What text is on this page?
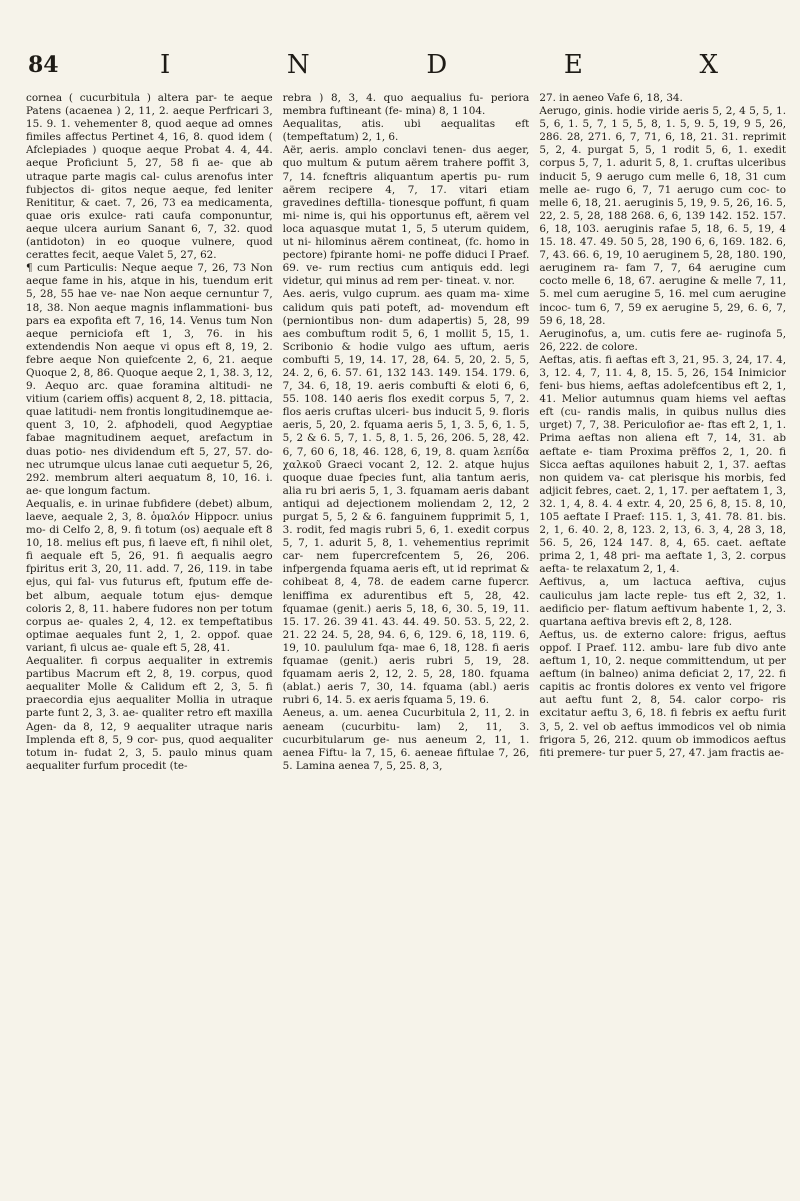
84	I	N	D	E	X

cornea ( cucurbitula ) altera par- te aeque Patens (acaenea ) 2, 11, 2. aeque Perfricari 3, 15. 9. 1. vehementer 8, quod aeque ad omnes fimiles affectus Pertinet 4, 16, 8. quod idem ( Afclepiades ) quoque aeque Probat 4. 4, 44. aeque Proficiunt 5, 27, 58 fi ae- que ab utraque parte magis cal- culus arenofus inter fubjectos di- gitos neque aeque, fed leniter Renititur, & caet. 7, 26, 73 ea medicamenta, quae oris exulce- rati caufa componuntur, aeque ulcera aurium Sanant 6, 7, 32. quod (antidoton) in eo quoque vulnere, quod cerattes fecit, aeque Valet 5, 27, 62.

¶ cum Particulis: Neque aeque 7, 26, 73 Non aeque fame in his, atque in his, tuendum erit 5, 28, 55 hae ve- nae Non aeque cernuntur 7, 18, 38. Non aeque magnis inflammationi- bus pars ea expofita eft 7, 16, 14. Venus tum Non aeque perniciofa eft 1, 3, 76. in his extendendis Non aeque vi opus eft 8, 19, 2. febre aeque Non quiefcente 2, 6, 21. aeque Quoque 2, 8, 86. Quoque aeque 2, 1, 38. 3, 12, 9. Aequo arc. quae foramina altitudi- ne vitium (cariem offis) acquent 8, 2, 18. pittacia, quae latitudi- nem frontis longitudinemque ae- quent 3, 10, 2. afphodeli, quod Aegyptiae fabae magnitudinem aequet, arefactum in duas potio- nes dividendum eft 5, 27, 57. do- nec utrumque ulcus lanae cuti aequetur 5, 26, 292. membrum alteri aequatum 8, 10, 16. i. ae- que longum factum.

Aequalis, e. in urinae fubfidere (debet) album, laeve, aequale 2, 3, 8. ὁμαλόν Hippocr. unius mo- di Celfo 2, 8, 9. fi totum (os) aequale eft 8 10, 18. melius eft pus, fi laeve eft, fi nihil olet, fi aequale eft 5, 26, 91. fi aequalis aegro fpiritus erit 3, 20, 11. add. 7, 26, 119. in tabe ejus, qui fal- vus futurus eft, fputum effe de- bet album, aequale totum ejus- demque coloris 2, 8, 11. habere fudores non per totum corpus ae- quales 2, 4, 12. ex tempeftatibus optimae aequales funt 2, 1, 2. oppof. quae variant, fi ulcus ae- quale eft 5, 28, 41.

Aequaliter. fi corpus aequaliter in extremis partibus Macrum eft 2, 8, 19. corpus, quod aequaliter Molle & Calidum eft 2, 3, 5. fi praecordia ejus aequaliter Mollia in utraque parte funt 2, 3, 3. ae- qualiter retro eft maxilla Agen- da 8, 12, 9 aequaliter utraque naris Implenda eft 8, 5, 9 cor- pus, quod aequaliter totum in- fudat 2, 3, 5. paulo minus quam aequaliter furfum procedit (te-

rebra ) 8, 3, 4. quo aequalius fu- periora membra fuftineant (fe- mina) 8, 1 104.

Aequalitas, atis. ubi aequalitas eft (tempeftatum) 2, 1, 6.

Aër, aeris. amplo conclavi tenen- dus aeger, quo multum & putum aërem trahere poffit 3, 7, 14. fcneftris aliquantum apertis pu- rum aërem recipere 4, 7, 17. vitari etiam gravedines deftilla- tionesque poffunt, fi quam mi- nime is, qui his opportunus eft, aërem vel loca aquasque mutat 1, 5, 5 uterum quidem, ut ni- hilominus aërem contineat, (fc. homo in pectore) fpirante homi- ne poffe diduci I Praef. 69. ve- rum rectius cum antiquis edd. legi videtur, qui minus ad rem per- tineat. v. nor.

Aes. aeris, vulgo cuprum. aes quam ma- xime calidum quis pati poteft, ad- movendum eft (perniontibus non- dum adapertis) 5, 28, 99 aes combuftum rodit 5, 6, 1 mollit 5, 15, 1. Scribonio & hodie vulgo aes uftum, aeris combufti 5, 19, 14. 17, 28, 64. 5, 20, 2. 5, 5, 24. 2, 6, 6. 57. 61, 132 143. 149. 154. 179. 6, 7, 34. 6, 18, 19. aeris combufti & eloti 6, 6, 55. 108. 140 aeris flos exedit corpus 5, 7, 2. flos aeris cruftas ulceri- bus inducit 5, 9. floris aeris, 5, 20, 2. fquama aeris 5, 1, 3. 5, 6, 1. 5, 5, 2 & 6. 5, 7, 1. 5, 8, 1. 5, 26, 206. 5, 28, 42. 6, 7, 60 6, 18, 46. 128, 6, 19, 8. quam λεπίδα χαλκοῦ Graeci vocant 2, 12. 2. atque hujus quoque duae fpecies funt, alia tantum aeris, alia ru bri aeris 5, 1, 3. fquamam aeris dabant antiqui ad dejectionem moliendam 2, 12, 2 purgat 5, 5, 2 & 6. fanguinem fupprimit 5, 1, 3. rodit, fed magis rubri 5, 6, 1. exedit corpus 5, 7, 1. adurit 5, 8, 1. vehementius reprimit car- nem fupercrefcentem 5, 26, 206. infpergenda fquama aeris eft, ut id reprimat & cohibeat 8, 4, 78. de eadem carne fupercr. leniffima ex adurentibus eft 5, 28, 42. fquamae (genit.) aeris 5, 18, 6, 30. 5, 19, 11. 15. 17. 26. 39 41. 43. 44. 49. 50. 53. 5, 22, 2. 21. 22 24. 5, 28, 94. 6, 6, 129. 6, 18, 119. 6, 19, 10. paululum fqa- mae 6, 18, 128. fi aeris fquamae (genit.) aeris rubri 5, 19, 28. fquamam aeris 2, 12, 2. 5, 28, 180. fquama (ablat.) aeris 7, 30, 14. fquama (abl.) aeris rubri 6, 14. 5. ex aeris fquama 5, 19. 6.

Aeneus, a. um. aenea Cucurbitula 2, 11, 2. in aeneam (cucurbitu- lam) 2, 11, 3. cucurbitularum ge- nus aeneum 2, 11, 1. aenea Fiftu- la 7, 15, 6. aeneae fiftulae 7, 26, 5. Lamina aenea 7, 5, 25. 8, 3,

27. in aeneo Vafe 6, 18, 34.

Aerugo, ginis. hodie viride aeris 5, 2, 4 5, 5, 1. 5, 6, 1. 5, 7, 1 5, 5, 8, 1. 5, 9. 5, 19, 9 5, 26, 286. 28, 271. 6, 7, 71, 6, 18, 21. 31. reprimit 5, 2, 4. purgat 5, 5, 1 rodit 5, 6, 1. exedit corpus 5, 7, 1. adurit 5, 8, 1. cruftas ulceribus inducit 5, 9 aerugo cum melle 6, 18, 31 cum melle ae- rugo 6, 7, 71 aerugo cum coc- to melle 6, 18, 21. aeruginis 5, 19, 9. 5, 26, 16. 5, 22, 2. 5, 28, 188 268. 6, 6, 139 142. 152. 157. 6, 18, 103. aeruginis rafae 5, 18, 6. 5, 19, 4 15. 18. 47. 49. 50 5, 28, 190 6, 6, 169. 182. 6, 7, 43. 66. 6, 19, 10 aeruginem 5, 28, 180. 190, aeruginem ra- fam 7, 7, 64 aerugine cum cocto melle 6, 18, 67. aerugine & melle 7, 11, 5. mel cum aerugine 5, 16. mel cum aerugine incoc- tum 6, 7, 59 ex aerugine 5, 29, 6. 6, 7, 59 6, 18, 28.

Aeruginofus, a, um. cutis fere ae- ruginofa 5, 26, 222. de colore.

Aeftas, atis. fi aeftas eft 3, 21, 95. 3, 24, 17. 4, 3, 12. 4, 7, 11. 4, 8, 15. 5, 26, 154 Inimicior feni- bus hiems, aeftas adolefcentibus eft 2, 1, 41. Melior autumnus quam hiems vel aeftas eft (cu- randis malis, in quibus nullus dies urget) 7, 7, 38. Periculofior ae- ftas eft 2, 1, 1. Prima aeftas non aliena eft 7, 14, 31. ab aeftate e- tiam Proxima prëffos 2, 1, 20. fi Sicca aeftas aquilones habuit 2, 1, 37. aeftas non quidem va- cat plerisque his morbis, fed adjicit febres, caet. 2, 1, 17. per aeftatem 1, 3, 32. 1, 4, 8. 4. 4 extr. 4, 20, 25 6, 8, 15. 8, 10, 105 aeftate I Praef: 115. 1, 3, 41. 78. 81. bis. 2, 1, 6. 40. 2, 8, 123. 2, 13, 6. 3, 4, 28 3, 18, 56. 5, 26, 124 147. 8, 4, 65. caet. aeftate prima 2, 1, 48 pri- ma aeftate 1, 3, 2. corpus aefta- te relaxatum 2, 1, 4.

Aeftivus, a, um lactuca aeftiva, cujus cauliculus jam lacte reple- tus eft 2, 32, 1. aedificio per- flatum aeftivum habente 1, 2, 3. quartana aeftiva brevis eft 2, 8, 128.

Aeftus, us. de externo calore: frigus, aeftus oppof. I Praef. 112. ambu- lare fub divo ante aeftum 1, 10, 2. neque committendum, ut per aeftum (in balneo) anima deficiat 2, 17, 22. fi capitis ac frontis dolores ex vento vel frigore aut aeftu funt 2, 8, 54. calor corpo- ris excitatur aeftu 3, 6, 18. fi febris ex aeftu furit 3, 5, 2. vel ob aeftus immodicos vel ob nimia frigora 5, 26, 212. quum ob immodicos aeftus fiti premere- tur puer 5, 27, 47. jam fractis ae-
